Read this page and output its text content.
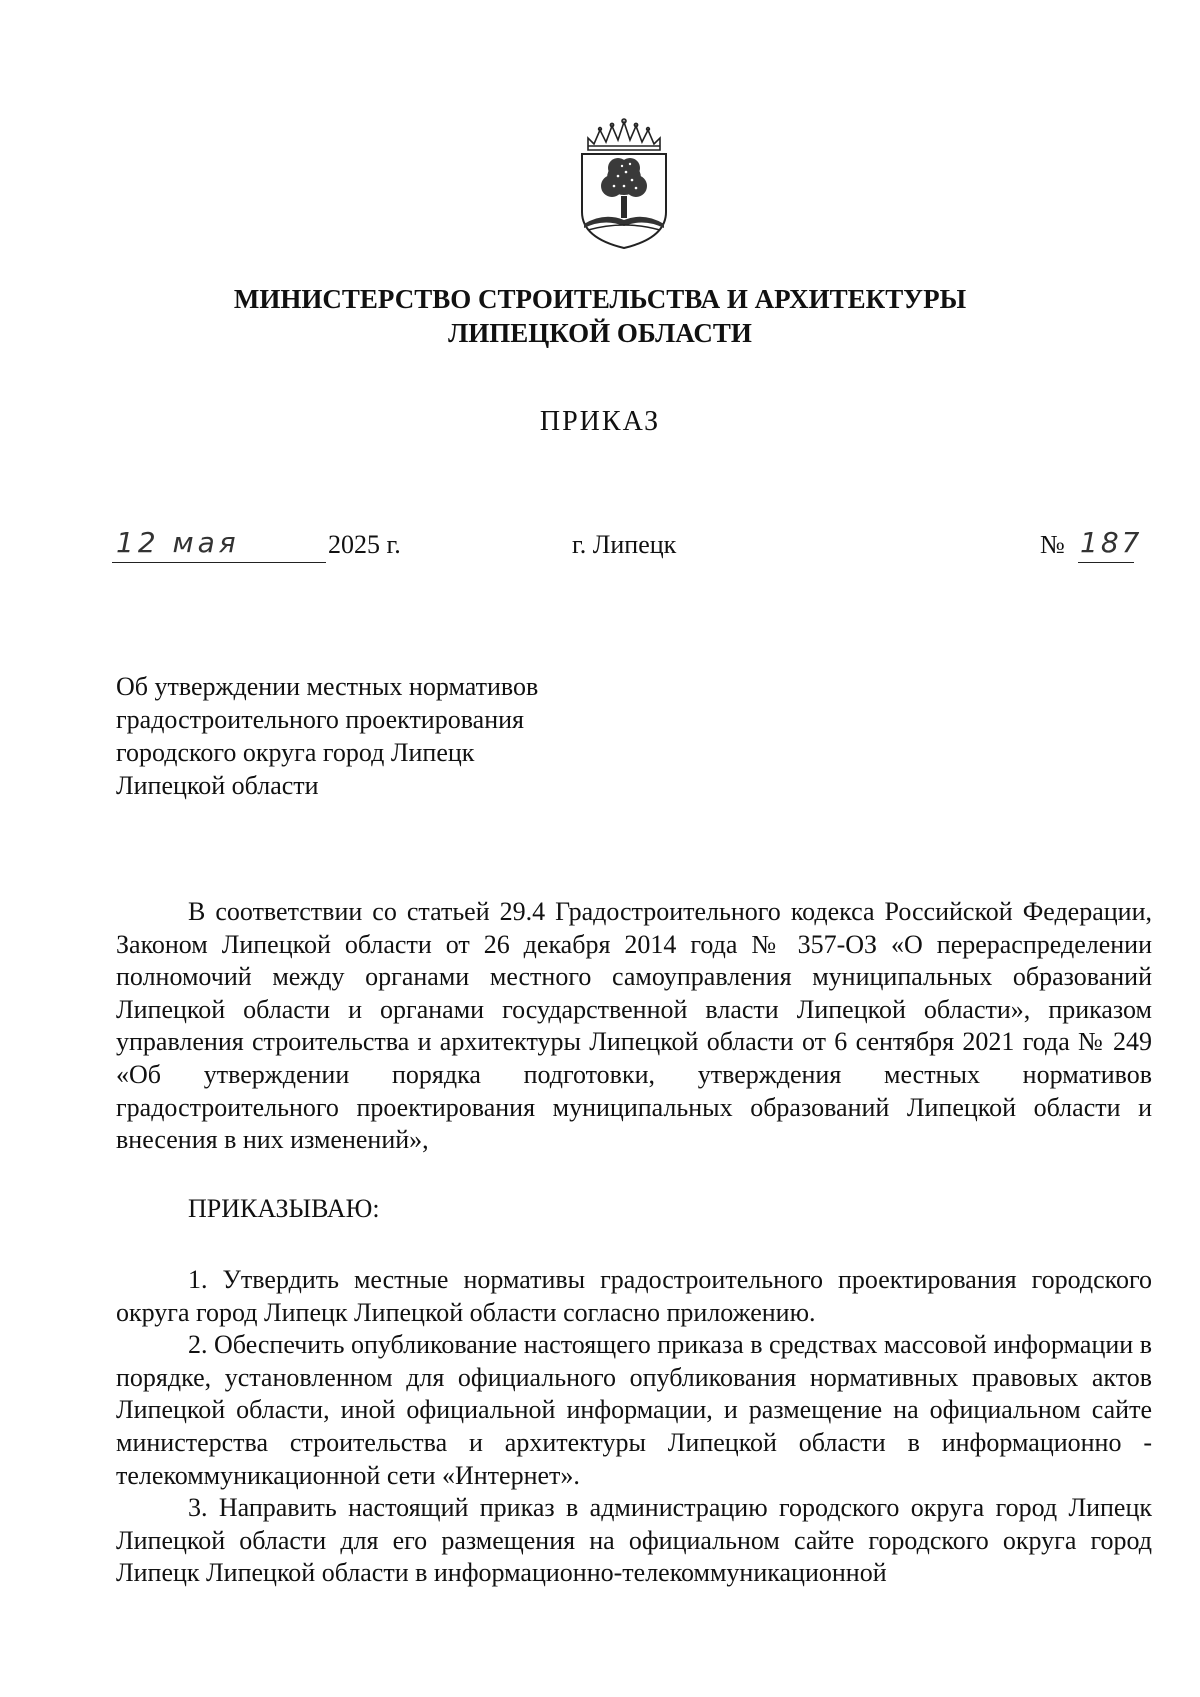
МИНИСТЕРСТВО СТРОИТЕЛЬСТВА И АРХИТЕКТУРЫ
ЛИПЕЦКОЙ ОБЛАСТИ
ПРИКАЗ
12 мая	2025 г.	г. Липецк	№ 187
Об утверждении местных нормативов
градостроительного проектирования
городского округа город Липецк
Липецкой области

В соответствии со статьей 29.4 Градостроительного кодекса Российской Федерации, Законом Липецкой области от 26 декабря 2014 года № 357-ОЗ «О перераспределении полномочий между органами местного самоуправления муниципальных образований Липецкой области и органами государственной власти Липецкой области», приказом управления строительства и архитектуры Липецкой области от 6 сентября 2021 года № 249 «Об утверждении порядка подготовки, утверждения местных нормативов градостроительного проектирования муниципальных образований Липецкой области и внесения в них изменений»,

ПРИКАЗЫВАЮ:

1. Утвердить местные нормативы градостроительного проектирования городского округа город Липецк Липецкой области согласно приложению.

2. Обеспечить опубликование настоящего приказа в средствах массовой информации в порядке, установленном для официального опубликования нормативных правовых актов Липецкой области, иной официальной информации, и размещение на официальном сайте министерства строительства и архитектуры Липецкой области в информационно - телекоммуникационной сети «Интернет».

3. Направить настоящий приказ в администрацию городского округа город Липецк Липецкой области для его размещения на официальном сайте городского округа город Липецк Липецкой области в информационно-телекоммуникационной
